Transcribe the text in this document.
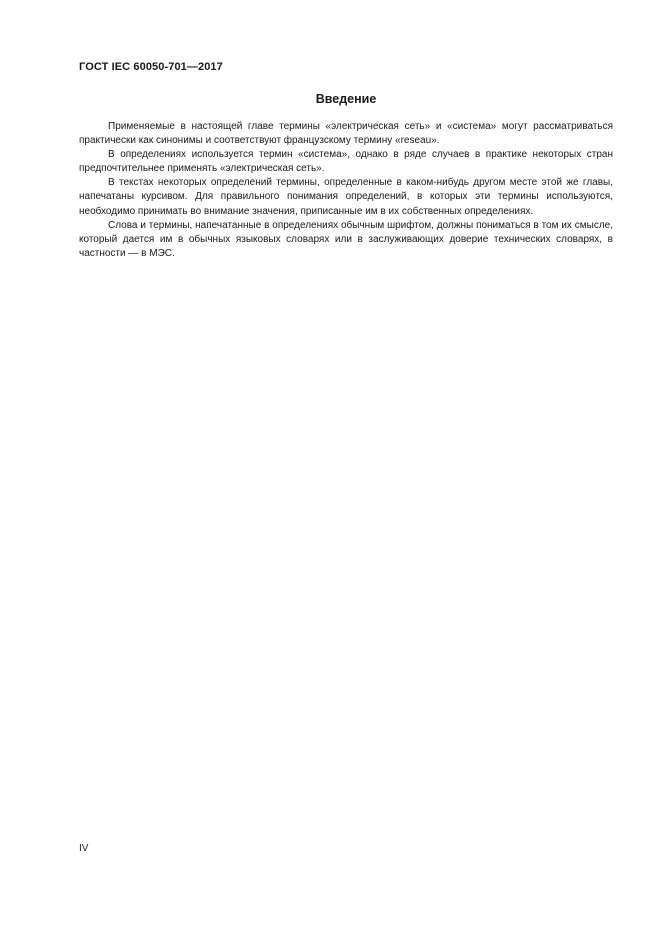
ГОСТ IEC 60050-701—2017
Введение

Применяемые в настоящей главе термины «электрическая сеть» и «система» могут рассматриваться практически как синонимы и соответствуют французскому термину «reseau».

В определениях используется термин «система», однако в ряде случаев в практике некоторых стран предпочтительнее применять «электрическая сеть».

В текстах некоторых определений термины, определенные в каком-нибудь другом месте этой же главы, напечатаны курсивом. Для правильного понимания определений, в которых эти термины используются, необходимо принимать во внимание значения, приписанные им в их собственных определениях.

Слова и термины, напечатанные в определениях обычным шрифтом, должны пониматься в том их смысле, который дается им в обычных языковых словарях или в заслуживающих доверие технических словарях, в частности — в МЭС.

IV
